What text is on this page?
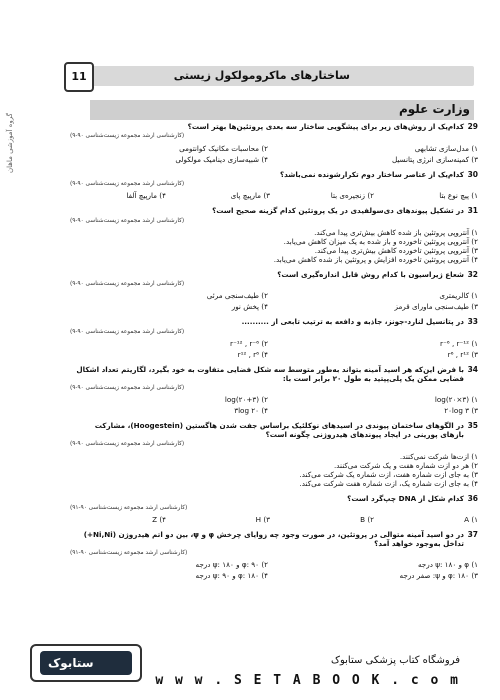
ساختارهای ماکرومولکول زیستی
11
گروه آموزشی ماهان
وزارت علوم
29
کدام‌یک از روش‌های زیر برای پیشگویی ساختار سه بعدی پروتئین‌ها بهتر است؟
(کارشناسی ارشد مجموعه زیست‌شناسی ۹۰-۹)
۱) مدل‌سازی تشابهی
۲) محاسبات مکانیک کوانتومی
۳) کمینه‌سازی انرژی پتانسیل
۴) شبیه‌سازی دینامیک مولکولی
30
کدام‌یک از عناصر ساختار دوم تکرارشونده نمی‌باشد؟
(کارشناسی ارشد مجموعه زیست‌شناسی ۹۰-۹)
۱) پیچ نوع بتا
۲) زنجیره‌ی بتا
۳) مارپیچ پای
۴) مارپیچ آلفا
31
در تشکیل پیوندهای دی‌سولفیدی در یک پروتئین کدام گزینه صحیح است؟
(کارشناسی ارشد مجموعه زیست‌شناسی ۹۰-۹)
۱) آنتروپی پروتئین باز شده کاهش بیش‌تری پیدا می‌کند.
۲) آنتروپی پروتئین تاخورده و باز شده به یک میزان کاهش می‌یابد.
۳) آنتروپی پروتئین تاخورده کاهش بیش‌تری پیدا می‌کند.
۴) آنتروپی پروتئین تاخورده افزایش و پروتئین باز شده کاهش می‌یابد.
32
شعاع ژیراسیون با کدام روش قابل اندازه‌گیری است؟
(کارشناسی ارشد مجموعه زیست‌شناسی ۹۰-۹)
۱) کالریمتری
۲) طیف‌سنجی مرئی
۳) طیف‌سنجی ماورای قرمز
۴) پخش نور
33
در پتانسیل لنارد-جونز، جاذبه و دافعه به ترتیب تابعی از ..........
(کارشناسی ارشد مجموعه زیست‌شناسی ۹۰-۹)
۱) r⁻⁶ , r⁻¹²
۲) r⁻¹² , r⁻⁶
۳) r⁶ , r¹²
۴) r¹² , r⁶
34
با فرض این‌که هر اسید آمینه بتواند به‌طور متوسط سه شکل فضایی متفاوت به خود بگیرد، لگاریتم تعداد اشکال فضایی ممکن یک پلی‌پپتید به طول ۲۰ برابر است با:
(کارشناسی ارشد مجموعه زیست‌شناسی ۹۰-۹)
۱) log(۲۰×۳)
۲) log(۲۰+۳)
۳) ۲۰log ۳
۴) ۳log ۲۰
35
در الگوهای ساختمان پیوندی در اسیدهای نوکلئیک براساس جفت شدن هاگستین (Hoogestein)، مشارکت بازهای پورینی در ایجاد پیوندهای هیدروژنی چگونه است؟
(کارشناسی ارشد مجموعه زیست‌شناسی ۹۰-۹)
۱) ازت‌ها شرکت نمی‌کنند.
۲) هر دو ازت شماره هفت و یک شرکت می‌کنند.
۳) به جای ازت شماره هفت، ازت شماره یک شرکت می‌کند.
۴) به جای ازت شماره یک، ازت شماره هفت شرکت می‌کند.
36
کدام شکل از DNA چپ‌گرد است؟
(کارشناسی ارشد مجموعه زیست‌شناسی ۹۰-۹۱)
۱) A
۲) B
۳) H
۴) Z
37
در دو اسید آمینه متوالی در پروتئین، در صورت وجود چه زوایای چرخش φ و ψ، بین دو اتم هیدروژن (Ni,Ni+) تداخل به‌وجود خواهد آمد؟
(کارشناسی ارشد مجموعه زیست‌شناسی ۹۰-۹۱)
۱) φ و ψ: ۱۸۰ درجه
۲) φ: ۹۰ و ψ: ۱۸۰ درجه
۳) φ: ۱۸۰ و ψ: صفر درجه
۴) φ: ۱۸۰ و ψ: ۹۰ درجه
ستابوک	فروشگاه کتاب پزشکی ستابوک
w w w . S E T A B O O K . c o m
